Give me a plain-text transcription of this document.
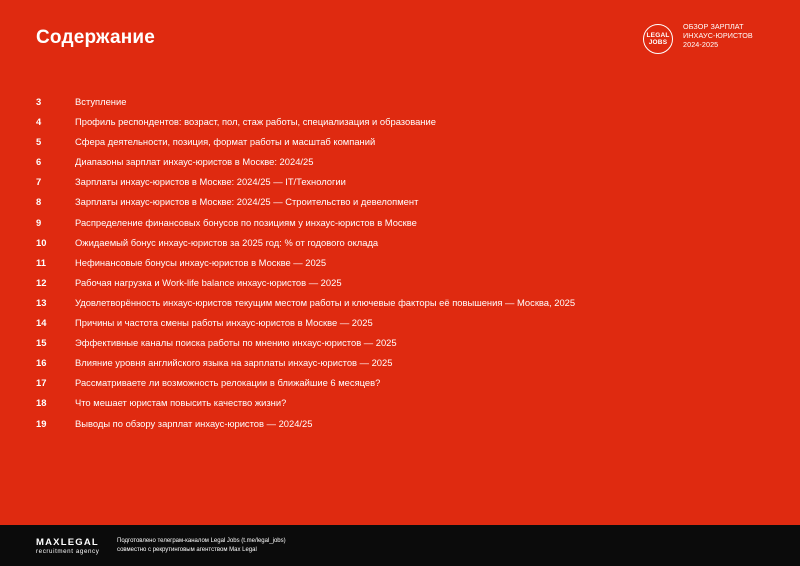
Содержание	LEGAL
JOBS
ОБЗОР ЗАРПЛАТ
ИНХАУС-ЮРИСТОВ
2024-2025
3	Вступление
4	Профиль респондентов: возраст, пол, стаж работы, специализация и образование
5	Сфера деятельности, позиция, формат работы и масштаб компаний
6	Диапазоны зарплат инхаус-юристов в Москве: 2024/25
7	Зарплаты инхаус-юристов в Москве: 2024/25 — IT/Технологии
8	Зарплаты инхаус-юристов в Москве: 2024/25 — Строительство и девелопмент
9	Распределение финансовых бонусов по позициям у инхаус-юристов в Москве
10	Ожидаемый бонус инхаус-юристов за 2025 год: % от годового оклада
11	Нефинансовые бонусы инхаус-юристов в Москве — 2025
12	Рабочая нагрузка и Work-life balance инхаус-юристов — 2025
13	Удовлетворённость инхаус-юристов текущим местом работы и ключевые факторы её повышения — Москва, 2025
14	Причины и частота смены работы инхаус-юристов в Москве — 2025
15	Эффективные каналы поиска работы по мнению инхаус-юристов — 2025
16	Влияние уровня английского языка на зарплаты инхаус-юристов — 2025
17	Рассматриваете ли возможность релокации в ближайшие 6 месяцев?
18	Что мешает юристам повысить качество жизни?
19	Выводы по обзору зарплат инхаус-юристов — 2024/25
MAXLEGAL
recruitment agency
Подготовлено телеграм-каналом Legal Jobs (t.me/legal_jobs)
совместно с рекрутинговым агентством Max Legal
